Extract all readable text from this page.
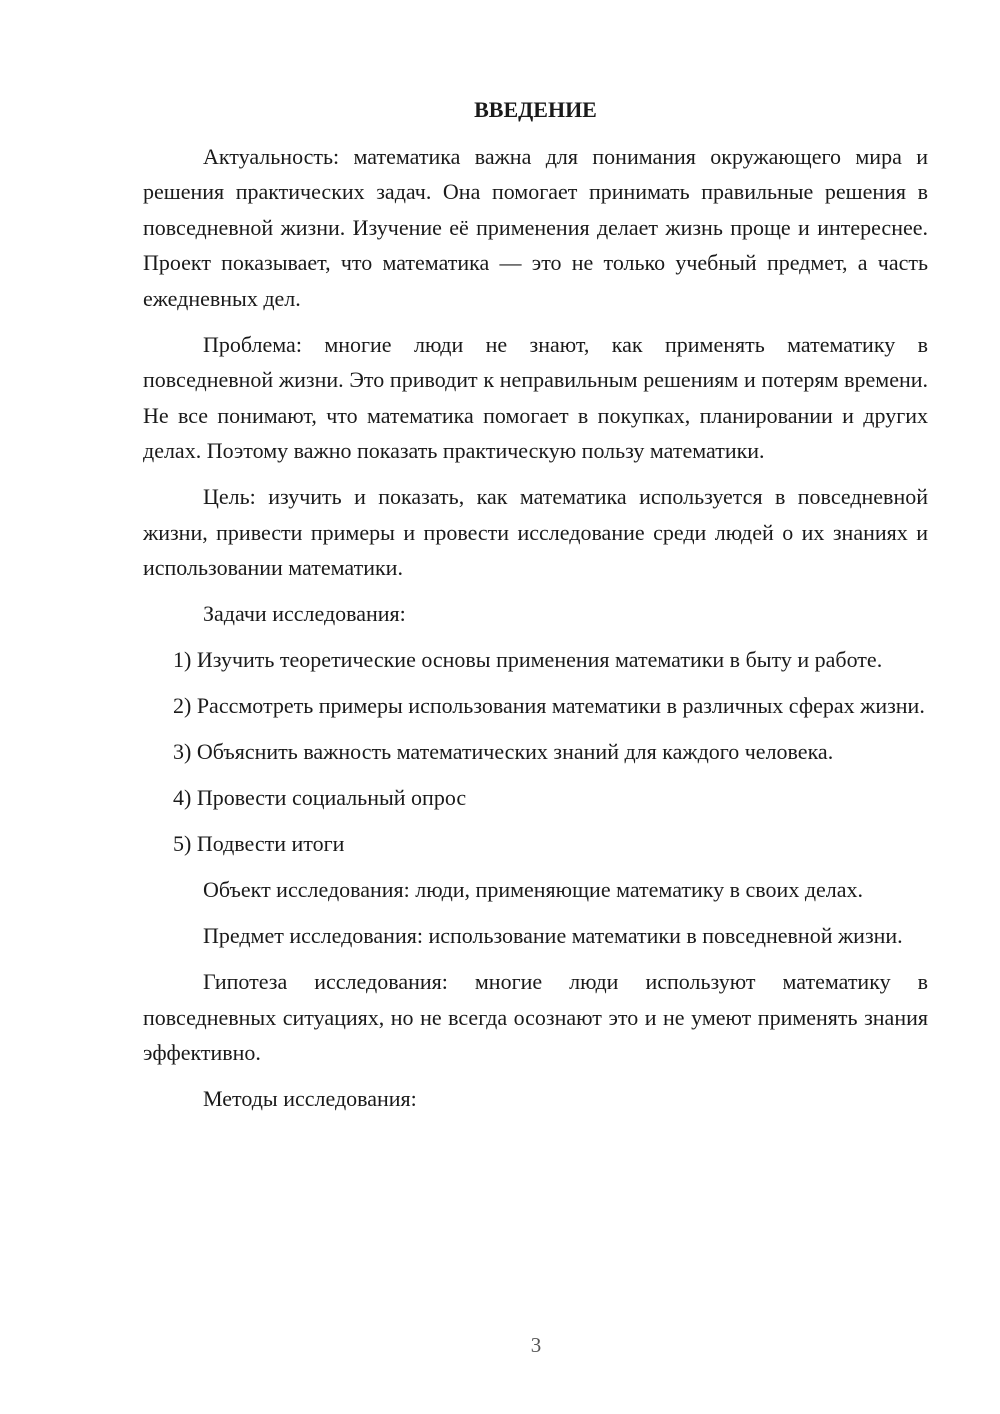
ВВЕДЕНИЕ

Актуальность: математика важна для понимания окружающего мира и решения практических задач. Она помогает принимать правильные решения в повседневной жизни. Изучение её применения делает жизнь проще и интереснее. Проект показывает, что математика — это не только учебный предмет, а часть ежедневных дел.

Проблема: многие люди не знают, как применять математику в повседневной жизни. Это приводит к неправильным решениям и потерям времени. Не все понимают, что математика помогает в покупках, планировании и других делах. Поэтому важно показать практическую пользу математики.

Цель: изучить и показать, как математика используется в повседневной жизни, привести примеры и провести исследование среди людей о их знаниях и использовании математики.

Задачи исследования:

1) Изучить теоретические основы применения математики в быту и работе.

2) Рассмотреть примеры использования математики в различных сферах жизни.

3) Объяснить важность математических знаний для каждого человека.

4) Провести социальный опрос

5) Подвести итоги

Объект исследования: люди, применяющие математику в своих делах.

Предмет исследования: использование математики в повседневной жизни.

Гипотеза исследования: многие люди используют математику в повседневных ситуациях, но не всегда осознают это и не умеют применять знания эффективно.

Методы исследования:

3
